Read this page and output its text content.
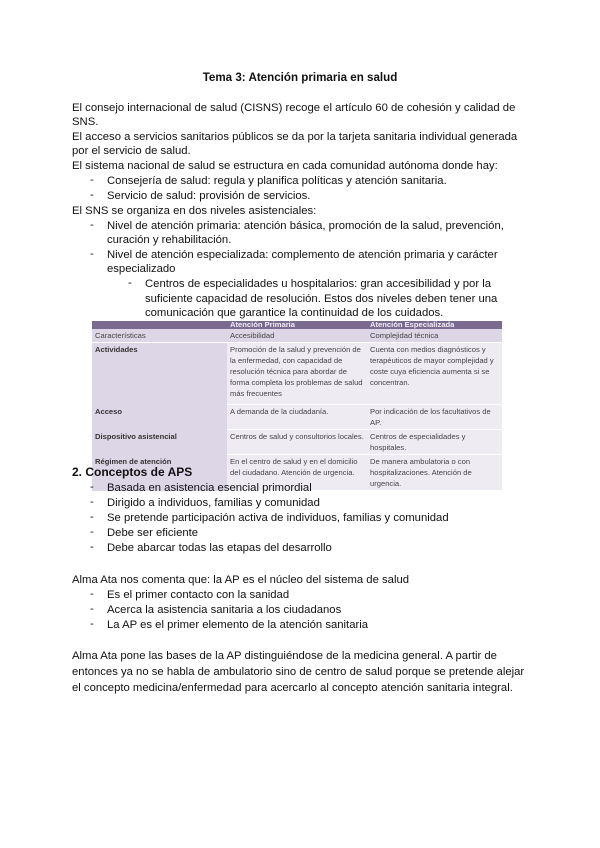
Tema 3: Atención primaria en salud
El consejo internacional de salud (CISNS) recoge el artículo 60 de cohesión y calidad de
SNS.
El acceso a servicios sanitarios públicos se da por la tarjeta sanitaria individual generada
por el servicio de salud.
El sistema nacional de salud se estructura en cada comunidad autónoma donde hay:
- Consejería de salud: regula y planifica políticas y atención sanitaria.
- Servicio de salud: provisión de servicios.
El SNS se organiza en dos niveles asistenciales:
- Nivel de atención primaria: atención básica, promoción de la salud, prevención,
curación y rehabilitación.
- Nivel de atención especializada: complemento de atención primaria y carácter
especializado
- Centros de especialidades u hospitalarios: gran accesibilidad y por la
suficiente capacidad de resolución. Estos dos niveles deben tener una
comunicación que garantice la continuidad de los cuidados.
	Atención Primaria	Atención Especializada
Características	Accesibilidad	Complejidad técnica
Actividades	Promoción de la salud y prevención de la enfermedad, con capacidad de resolución técnica para abordar de forma completa los problemas de salud más frecuentes	Cuenta con medios diagnósticos y terapéuticos de mayor complejidad y coste cuya eficiencia aumenta si se concentran.
Acceso	A demanda de la ciudadanía.	Por indicación de los facultativos de AP.
Dispositivo asistencial	Centros de salud y consultorios locales.	Centros de especialidades y hospitales.
Régimen de atención	En el centro de salud y en el domicilio del ciudadano. Atención de urgencia.	De manera ambulatoria o con hospitalizaciones. Atención de urgencia.
2. Conceptos de APS
- Basada en asistencia esencial primordial
- Dirigido a individuos, familias y comunidad
- Se pretende participación activa de individuos, familias y comunidad
- Debe ser eficiente
- Debe abarcar todas las etapas del desarrollo
Alma Ata nos comenta que: la AP es el núcleo del sistema de salud
- Es el primer contacto con la sanidad
- Acerca la asistencia sanitaria a los ciudadanos
- La AP es el primer elemento de la atención sanitaria
Alma Ata pone las bases de la AP distinguiéndose de la medicina general. A partir de
entonces ya no se habla de ambulatorio sino de centro de salud porque se pretende alejar
el concepto medicina/enfermedad para acercarlo al concepto atención sanitaria integral.
